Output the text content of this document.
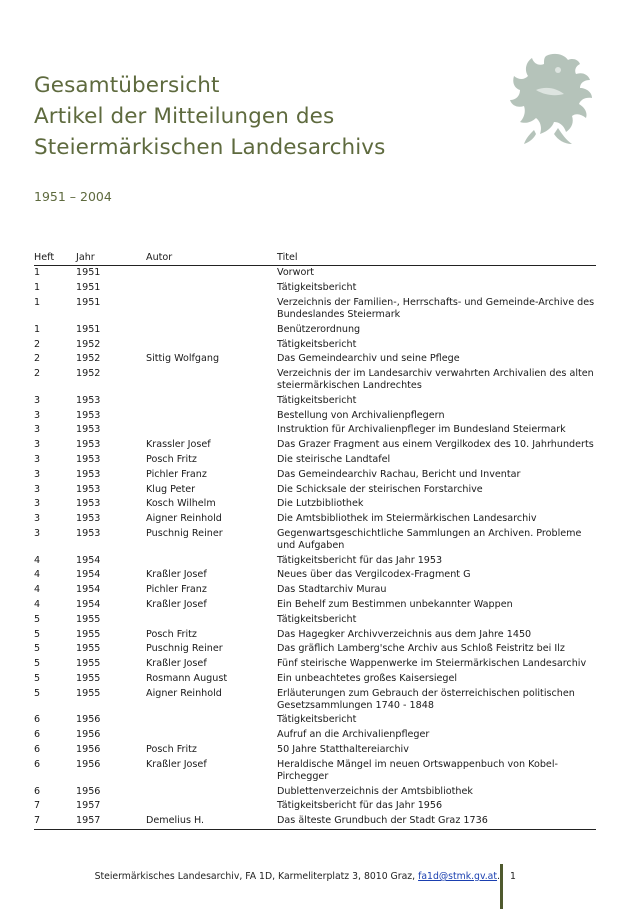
Gesamtübersicht
Artikel der Mitteilungen des
Steiermärkischen Landesarchivs
1951 – 2004
Heft	Jahr	Autor	Titel
1	1951		Vorwort
1	1951		Tätigkeitsbericht
1	1951		Verzeichnis der Familien-, Herrschafts- und Gemeinde-Archive des Bundeslandes Steiermark
1	1951		Benützerordnung
2	1952		Tätigkeitsbericht
2	1952	Sittig Wolfgang	Das Gemeindearchiv und seine Pflege
2	1952		Verzeichnis der im Landesarchiv verwahrten Archivalien des alten steiermärkischen Landrechtes
3	1953		Tätigkeitsbericht
3	1953		Bestellung von Archivalienpflegern
3	1953		Instruktion für Archivalienpfleger im Bundesland Steiermark
3	1953	Krassler Josef	Das Grazer Fragment aus einem Vergilkodex des 10. Jahrhunderts
3	1953	Posch Fritz	Die steirische Landtafel
3	1953	Pichler Franz	Das Gemeindearchiv Rachau, Bericht und Inventar
3	1953	Klug Peter	Die Schicksale der steirischen Forstarchive
3	1953	Kosch Wilhelm	Die Lutzbibliothek
3	1953	Aigner Reinhold	Die Amtsbibliothek im Steiermärkischen Landesarchiv
3	1953	Puschnig Reiner	Gegenwartsgeschichtliche Sammlungen an Archiven. Probleme und Aufgaben
4	1954		Tätigkeitsbericht für das Jahr 1953
4	1954	Kraßler Josef	Neues über das Vergilcodex-Fragment G
4	1954	Pichler Franz	Das Stadtarchiv Murau
4	1954	Kraßler Josef	Ein Behelf zum Bestimmen unbekannter Wappen
5	1955		Tätigkeitsbericht
5	1955	Posch Fritz	Das Hagegker Archivverzeichnis aus dem Jahre 1450
5	1955	Puschnig Reiner	Das gräflich Lamberg'sche Archiv aus Schloß Feistritz bei Ilz
5	1955	Kraßler Josef	Fünf steirische Wappenwerke im Steiermärkischen Landesarchiv
5	1955	Rosmann August	Ein unbeachtetes großes Kaisersiegel
5	1955	Aigner Reinhold	Erläuterungen zum Gebrauch der österreichischen politischen Gesetzsammlungen 1740 - 1848
6	1956		Tätigkeitsbericht
6	1956		Aufruf an die Archivalienpfleger
6	1956	Posch Fritz	50 Jahre Statthaltereiarchiv
6	1956	Kraßler Josef	Heraldische Mängel im neuen Ortswappenbuch von Kobel-Pirchegger
6	1956		Dublettenverzeichnis der Amtsbibliothek
7	1957		Tätigkeitsbericht für das Jahr 1956
7	1957	Demelius H.	Das älteste Grundbuch der Stadt Graz 1736
Steiermärkisches Landesarchiv, FA 1D, Karmeliterplatz 3, 8010 Graz, fa1d@stmk.gv.at. 1
